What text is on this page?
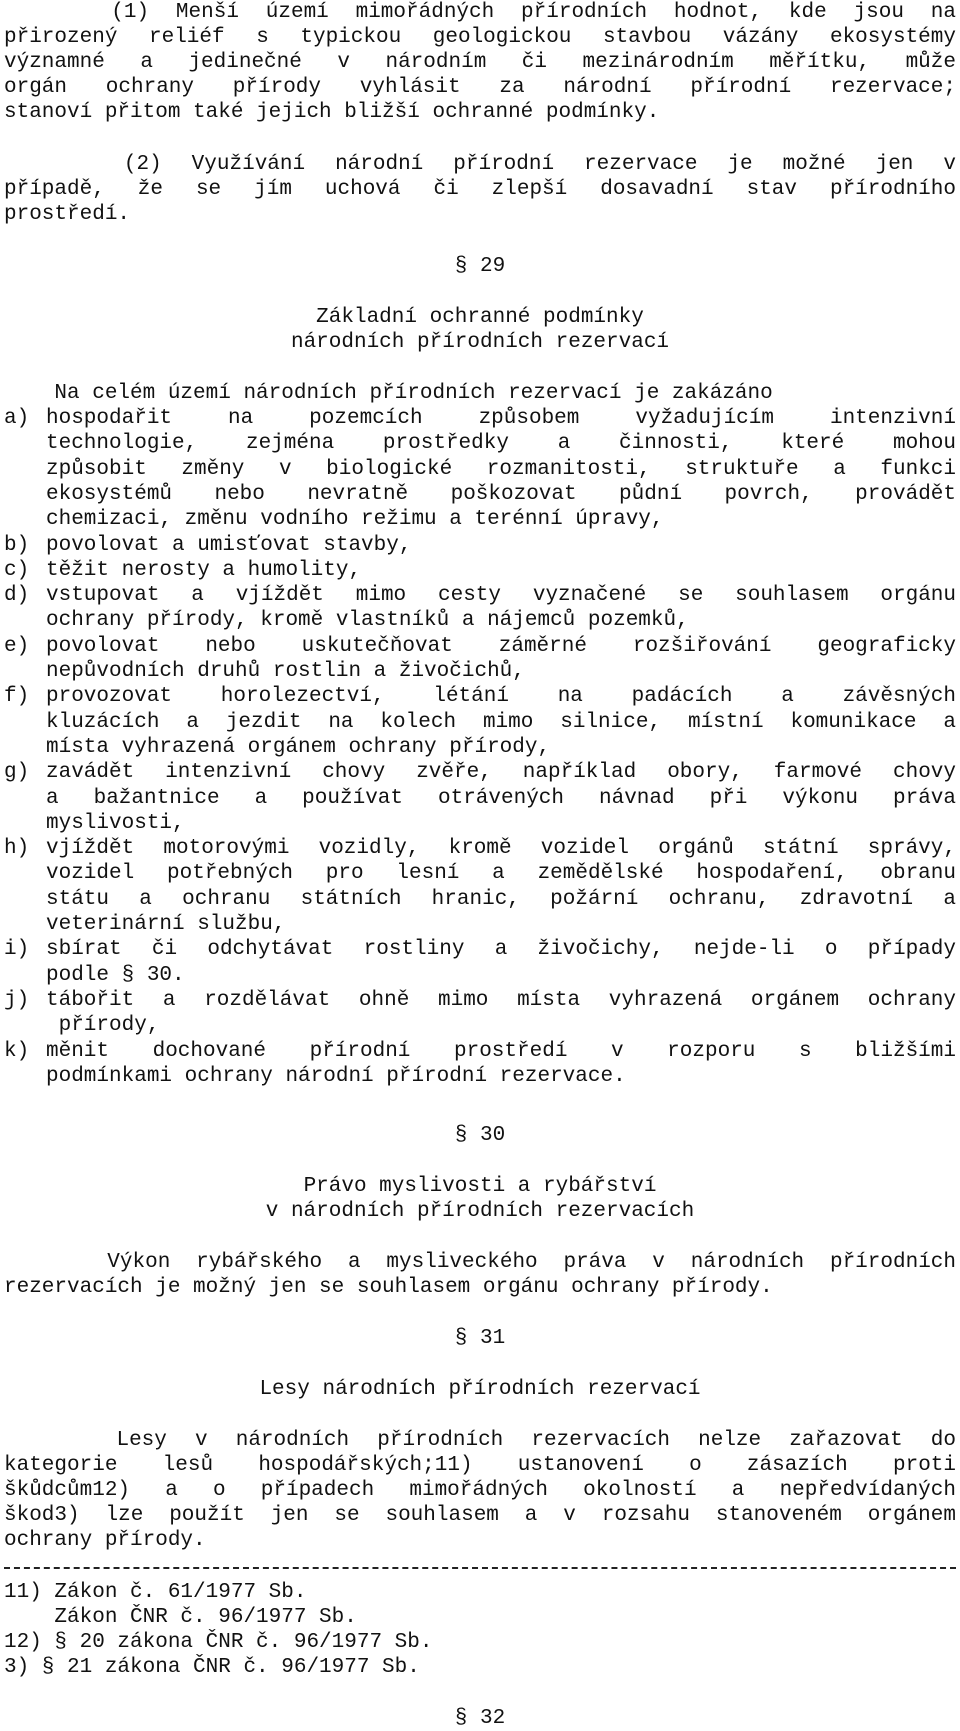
(1) Menší území mimořádných přírodních hodnot, kde jsou na
přirozený reliéf s typickou geologickou stavbou vázány ekosystémy
významné a jedinečné v národním či mezinárodním měřítku, může
orgán ochrany přírody vyhlásit za národní přírodní rezervace;
stanoví přitom také jejich bližší ochranné podmínky.
(2) Využívání národní přírodní rezervace je možné jen v
případě, že se jím uchová či zlepší dosavadní stav přírodního
prostředí.
§ 29
Základní ochranné podmínky
národních přírodních rezervací
Na celém území národních přírodních rezervací je zakázáno
a) hospodařit na pozemcích způsobem vyžadujícím intenzivní
technologie, zejména prostředky a činnosti, které mohou
způsobit změny v biologické rozmanitosti, struktuře a funkci
ekosystémů nebo nevratně poškozovat půdní povrch, provádět
chemizaci, změnu vodního režimu a terénní úpravy,
b) povolovat a umisťovat stavby,
c) těžit nerosty a humolity,
d) vstupovat a vjíždět mimo cesty vyznačené se souhlasem orgánu
ochrany přírody, kromě vlastníků a nájemců pozemků,
e) povolovat nebo uskutečňovat záměrné rozšiřování geograficky
nepůvodních druhů rostlin a živočichů,
f) provozovat horolezectví, létání na padácích a závěsných
kluzácích a jezdit na kolech mimo silnice, místní komunikace a
místa vyhrazená orgánem ochrany přírody,
g) zavádět intenzivní chovy zvěře, například obory, farmové chovy
a bažantnice a používat otrávených návnad při výkonu práva
myslivosti,
h) vjíždět motorovými vozidly, kromě vozidel orgánů státní správy,
vozidel potřebných pro lesní a zemědělské hospodaření, obranu
státu a ochranu státních hranic, požární ochranu, zdravotní a
veterinární službu,
i) sbírat či odchytávat rostliny a živočichy, nejde-li o případy
podle § 30.
j) tábořit a rozdělávat ohně mimo místa vyhrazená orgánem ochrany
přírody,
k) měnit dochované přírodní prostředí v rozporu s bližšími
podmínkami ochrany národní přírodní rezervace.
§ 30
Právo myslivosti a rybářství
v národních přírodních rezervacích
Výkon rybářského a mysliveckého práva v národních přírodních
rezervacích je možný jen se souhlasem orgánu ochrany přírody.
§ 31
Lesy národních přírodních rezervací
Lesy v národních přírodních rezervacích nelze zařazovat do
kategorie lesů hospodářských;11) ustanovení o zásazích proti
škůdcům12) a o případech mimořádných okolností a nepředvídaných
škod3) lze použít jen se souhlasem a v rozsahu stanoveném orgánem
ochrany přírody.
11) Zákon č. 61/1977 Sb.
Zákon ČNR č. 96/1977 Sb.
12) § 20 zákona ČNR č. 96/1977 Sb.
3) § 21 zákona ČNR č. 96/1977 Sb.
§ 32
